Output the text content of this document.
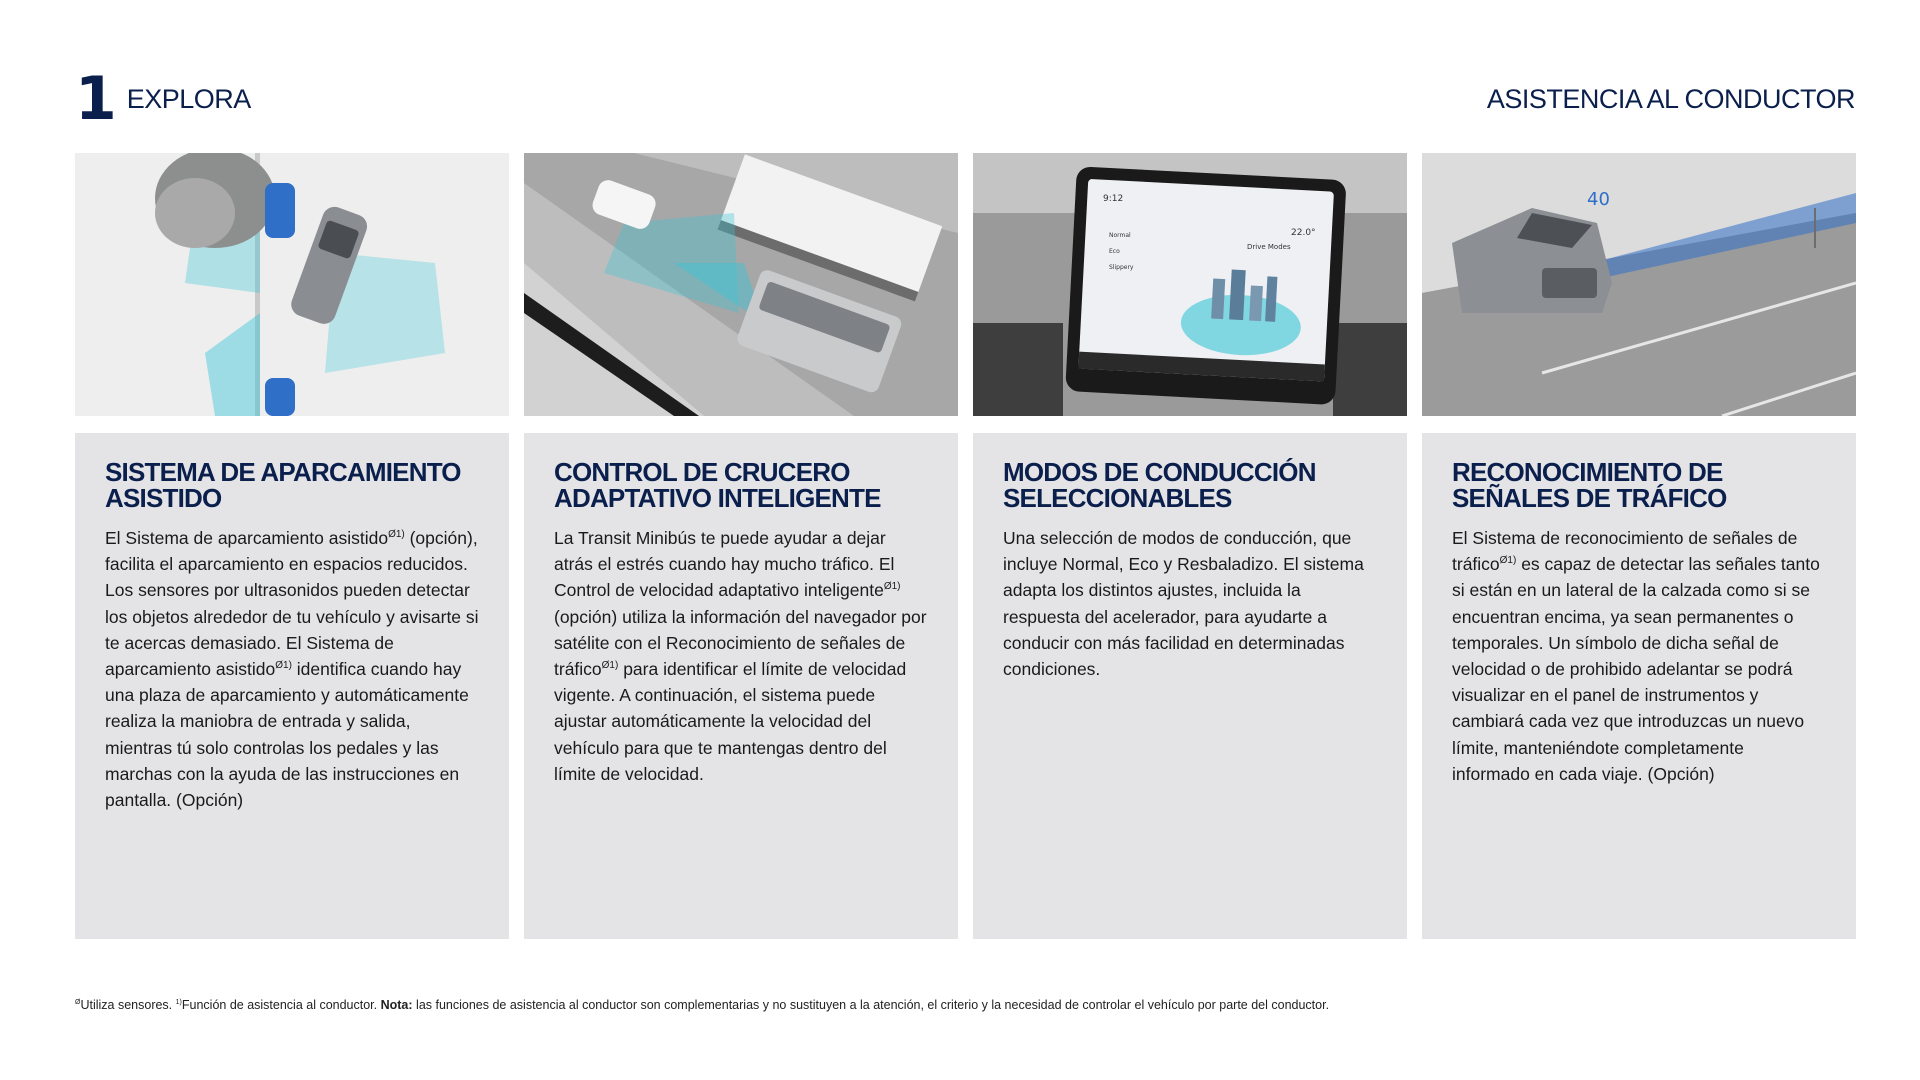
1 EXPLORA	ASISTENCIA AL CONDUCTOR
SISTEMA DE APARCAMIENTO
ASISTIDO

El Sistema de aparcamiento asistido$^{Ø1)}$ (opción), facilita el aparcamiento en espacios reducidos. Los sensores por ultrasonidos pueden detectar los objetos alrededor de tu vehículo y avisarte si te acercas demasiado. El Sistema de aparcamiento asistido$^{Ø1)}$ identifica cuando hay una plaza de aparcamiento y automáticamente realiza la maniobra de entrada y salida, mientras tú solo controlas los pedales y las marchas con la ayuda de las instrucciones en pantalla. (Opción)

CONTROL DE CRUCERO
ADAPTATIVO INTELIGENTE

La Transit Minibús te puede ayudar a dejar atrás el estrés cuando hay mucho tráfico. El Control de velocidad adaptativo inteligente$^{Ø1)}$ (opción) utiliza la información del navegador por satélite con el Reconocimiento de señales de tráfico$^{Ø1)}$ para identificar el límite de velocidad vigente. A continuación, el sistema puede ajustar automáticamente la velocidad del vehículo para que te mantengas dentro del límite de velocidad.

9:12
22.0°
Drive Modes
Normal
Eco
Slippery
MODOS DE CONDUCCIÓN
SELECCIONABLES

Una selección de modos de conducción, que incluye Normal, Eco y Resbaladizo. El sistema adapta los distintos ajustes, incluida la respuesta del acelerador, para ayudarte a conducir con más facilidad en determinadas condiciones.

40
RECONOCIMIENTO DE
SEÑALES DE TRÁFICO

El Sistema de reconocimiento de señales de tráfico$^{Ø1)}$ es capaz de detectar las señales tanto si están en un lateral de la calzada como si se encuentran encima, ya sean permanentes o temporales. Un símbolo de dicha señal de velocidad o de prohibido adelantar se podrá visualizar en el panel de instrumentos y cambiará cada vez que introduzcas un nuevo límite, manteniéndote completamente informado en cada viaje. (Opción)

$^Ø$Utiliza sensores. $^{1)}$Función de asistencia al conductor. Nota: las funciones de asistencia al conductor son complementarias y no sustituyen a la atención, el criterio y la necesidad de controlar el vehículo por parte del conductor.
